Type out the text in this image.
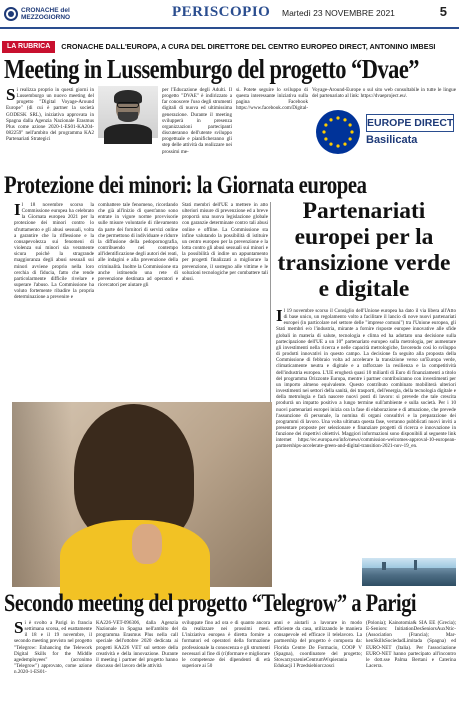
CRONACHE del
MEZZOGIORNO	PERISCOPIO Martedì 23 NOVEMBRE 2021	5
LA RUBRICA	CRONACHE DALL'EUROPA, A CURA DEL DIRETTORE DEL CENTRO EUROPEO DIRECT, ANTONINO IMBESI
Meeting in Lussemburgo del progetto “Dvae”
Si realizza proprio in questi giorni in Lussemburgo un nuovo meeting del progetto "Digital Voyage-Around Europe" (di cui è partner la società GODESK SRL), iniziativa approvata in Spagna dalla Agenzia Nazionale Erasmus Plus come azione 2020-1-ES01-KA204-082259" nell'ambito del programma KA2 Partenariati Strategici
per l'Educazione degli Adulti. Il progetto "DVAE" è indirizzato a far conoscere l'uso degli strumenti digitali di nuova ed ultimissima generazione. Durante il meeting svilupperà in presenza organizzazioni partecipanti discuteranno dell'utente sviluppo progettuale e pianificheranno gli step delle attività da realizzare nei prossimi me-
si. Potete seguire lo sviluppo di questa interessante iniziativa sulla pagina Facebook https://www.facebook.com/Digital-
Voyage-Around-Europe o sul sito web consultabile in tutte le lingue del partenariato al link: https://dvaeproject.eu/.
EUROPE DIRECT
Basilicata
Protezione dei minori: la Giornata europea
Il 18 novembre scorso la Commissione europea ha celebrato la Giornata europea 2021 per la protezione dei minori contro lo sfruttamento e gli abusi sessuali, volta a garantire che la riflessione e la consapevolezza sui fenomeni di violenza sui minori sia veramente sicura poichè la stragrande maggioranza degli abusi sessuali sui minori avviene proprio nella loro cerchia di fiducia, fatto che rende particolarmente difficile rivelare e superare l'abuso. La Commissione ha voluto fortemente ribadire la propria determinazione a prevenire e
combattere tale fenomeno, ricordando che già all'inizio di quest'anno sono entrate in vigore norme provvisorie sulle misure volontarie di rilevamento da parte dei fornitori di servizi online che permettono di individuare e ridurre la diffusione della pedopornografia, contribuendo nel contempo all'identificazione degli autori dei reati, alle indagini e alla prevenzione della criminalità. Inoltre la Commissione sta anche istituendo una rete di prevenzione destinata ad operatori e ricercatori per aiutare gli
Stati membri dell'UE a mettere in atto ulteriori misure di prevenzione ed a breve proporrà una nuova legislazione globale con garanzie determinate contro tali abusi online e offline. La Commissione sta infine valutando la possibilità di istituire un centro europeo per la prevenzione e la lotta contro gli abusi sessuali sui minori e la possibilità di indire un appuntamento per progetti finalizzati a migliorare la prevenzione, il sostegno alle vittime e le soluzioni tecnologiche per combattere tali abusi.
Partenariati europei per la transizione verde e digitale
Il 19 novembre scorso il Consiglio dell'Unione europea ha dato il via libera all'Atto di base unico, un regolamento volto a facilitare il lancio di nove nuovi partenariati europei (in particolare nel settore delle "imprese comuni") tra l'Unione europea, gli Stati membri e/o l'industria, mirante a fornire risposte europee innovative alle sfide globali in materia di salute, tecnologia e clima ed ha adottato una decisione sulla partecipazione dell'UE a un 10° partenariato europeo sulla metrologia, per aumentare gli investimenti nella ricerca e nelle capacità metrologiche, favorendo così lo sviluppo di prodotti innovativi in questo campo. La decisione fa seguito alla proposta della Commissione di febbraio volta ad accelerare la transizione verso un'Europa verde, climaticamente neutra e digitale e a rafforzare la resilienza e la competitività dell'industria europea. L'UE erogherà quasi 10 miliardi di Euro di finanziamenti a titolo del programma Orizzonte Europa, mentre i partner contribuiranno con investimenti per un importo almeno equivalente. Questo contributo combinato mobiliterà ulteriori investimenti nei settori della sanità, dei trasporti, dell'energia, della tecnologia digitale e della metrologia e farà nascere nuovi posti di lavoro: si prevede che tale crescita produrrà un impatto positivo a lungo termine sull'ambiente e sulla società. Per i 10 nuovi partenariati europei inizia ora la fase di elaborazione e di attuazione, che prevede l'assunzione di personale, la nomina di organi consultivi e la preparazione dei programmi di lavoro. Una volta ultimata questa fase, verranno pubblicati nuovi inviti a presentare proposte per selezionare e finanziare progetti di ricerca e innovazione in funzione dei rispettivi obiettivi. Maggiori informazioni sono disponibili al seguente link internet https://ec.europa.eu/info/news/commission-welcomes-approval-10-european-partnerships-accelerate-green-and-digital-transition-2021-nov-19_en.
Secondo meeting del progetto “Telegrow” a Parigi
Si è svolto a Parigi in francia settimana scorsa, ed esattamente il 18 e il 19 novembre, il secondo meeting previsto nel progetto "Telegrow: Enhancing the Telework Digital Skills for the Middle agedemployees" (acronimo "Telegrow") approvato, come azione n.2020-1-ES01-
KA226-VET-096306, dalla Agenzia Nazionale in Spagna nell'ambito del programma Erasmus Plus nella call speciale dell'ottobre 2020 dedicata ai progetti KA226 VET sul settore della creatività e della innovazione. Durante il meeting i partner del progetto hanno discusso del lavoro delle attività
sviluppate fino ad ora e di quanto ancora da realizzare nei prossimi mesi. L'iniziativa europea è diretta fornire a formatori ed operatori della formazione professionale la conoscenza e gli strumenti necessari al fine di (ri)formare e migliorare le competenze dei dipendenti di età superiore ai 50
anni e aiutarli a lavorare in modo efficiente da casa, utilizzando le maniera consapevole ed efficace il telelavoro. La partnership del progetto è composta da: Florida Centre De Formacio, COOP V (Spagna), coordinatore del progetto; StowarzyszenieCentrumWspierania Edukacji I Przedsiebiorczosci
(Polonia); Kainotomia& SIA EE (Grecia); E-Seniors: InitiationDesSeniorsAuxNtic-(Association (Francia); Mar-kenSkillsSociedadLimitada (Spagna) ed EURO-NET (Italia). Per l'associazione EURO-NET hanno partecipato all'incontro le dott.sse Palma Bertani e Caterina Lacerra.
